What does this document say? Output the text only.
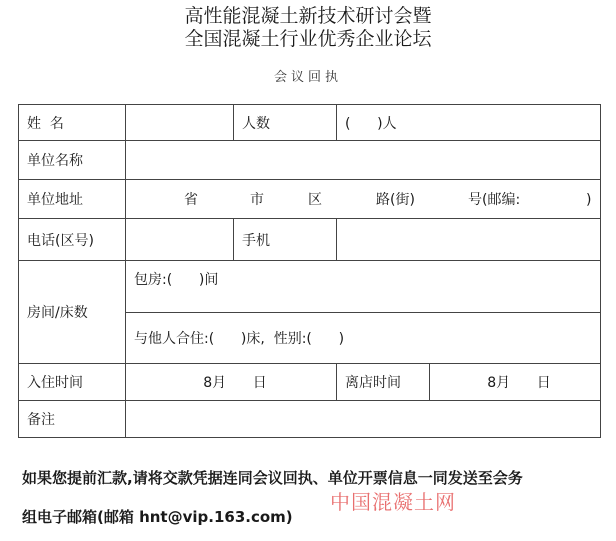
高性能混凝土新技术研讨会暨
全国混凝土行业优秀企业论坛
会议回执
姓  名		人数	(      )人	
单位名称				
单位地址	省 市 区 路(街) 号(邮编: )			
电话(区号)		手机		
房间/床数	包房:(      )间			
	与他人合住:(      )床,  性别:(      )			
入住时间	8月      日		离店时间	8月      日
备注				
如果您提前汇款,请将交款凭据连同会议回执、单位开票信息一同发送至会务
组电子邮箱(邮箱 hnt@vip.163.com)
中国混凝土网
